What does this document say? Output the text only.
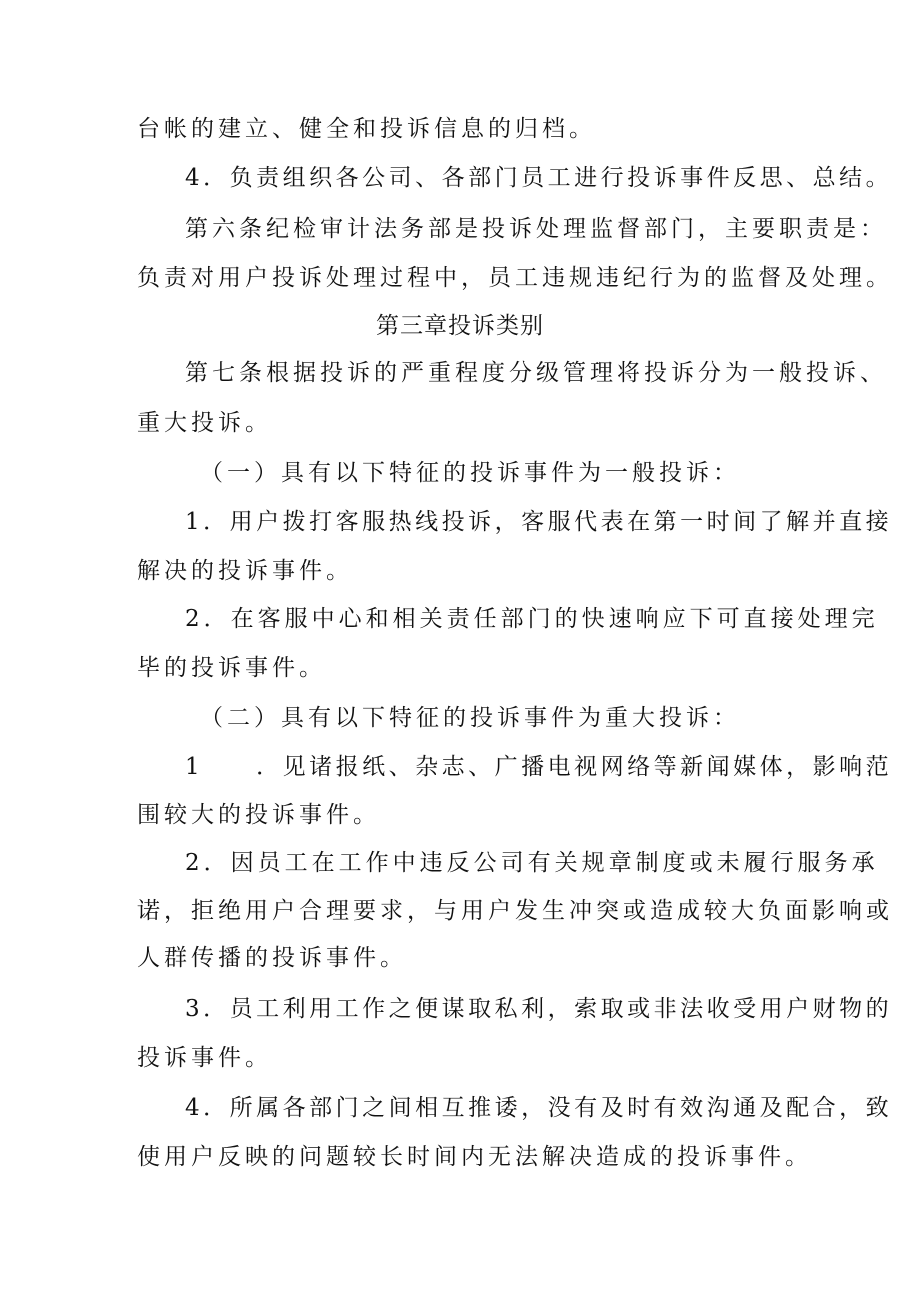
台帐的建立、健全和投诉信息的归档。
4．负责组织各公司、各部门员工进行投诉事件反思、总结。
第六条纪检审计法务部是投诉处理监督部门，主要职责是：
负责对用户投诉处理过程中，员工违规违纪行为的监督及处理。
第三章投诉类别
第七条根据投诉的严重程度分级管理将投诉分为一般投诉、
重大投诉。
（一）具有以下特征的投诉事件为一般投诉：
1．用户拨打客服热线投诉，客服代表在第一时间了解并直接
解决的投诉事件。
2．在客服中心和相关责任部门的快速响应下可直接处理完
毕的投诉事件。
（二）具有以下特征的投诉事件为重大投诉：
1　　．见诸报纸、杂志、广播电视网络等新闻媒体，影响范
围较大的投诉事件。
2．因员工在工作中违反公司有关规章制度或未履行服务承
诺，拒绝用户合理要求，与用户发生冲突或造成较大负面影响或
人群传播的投诉事件。
3．员工利用工作之便谋取私利，索取或非法收受用户财物的
投诉事件。
4．所属各部门之间相互推诿，没有及时有效沟通及配合，致
使用户反映的问题较长时间内无法解决造成的投诉事件。
